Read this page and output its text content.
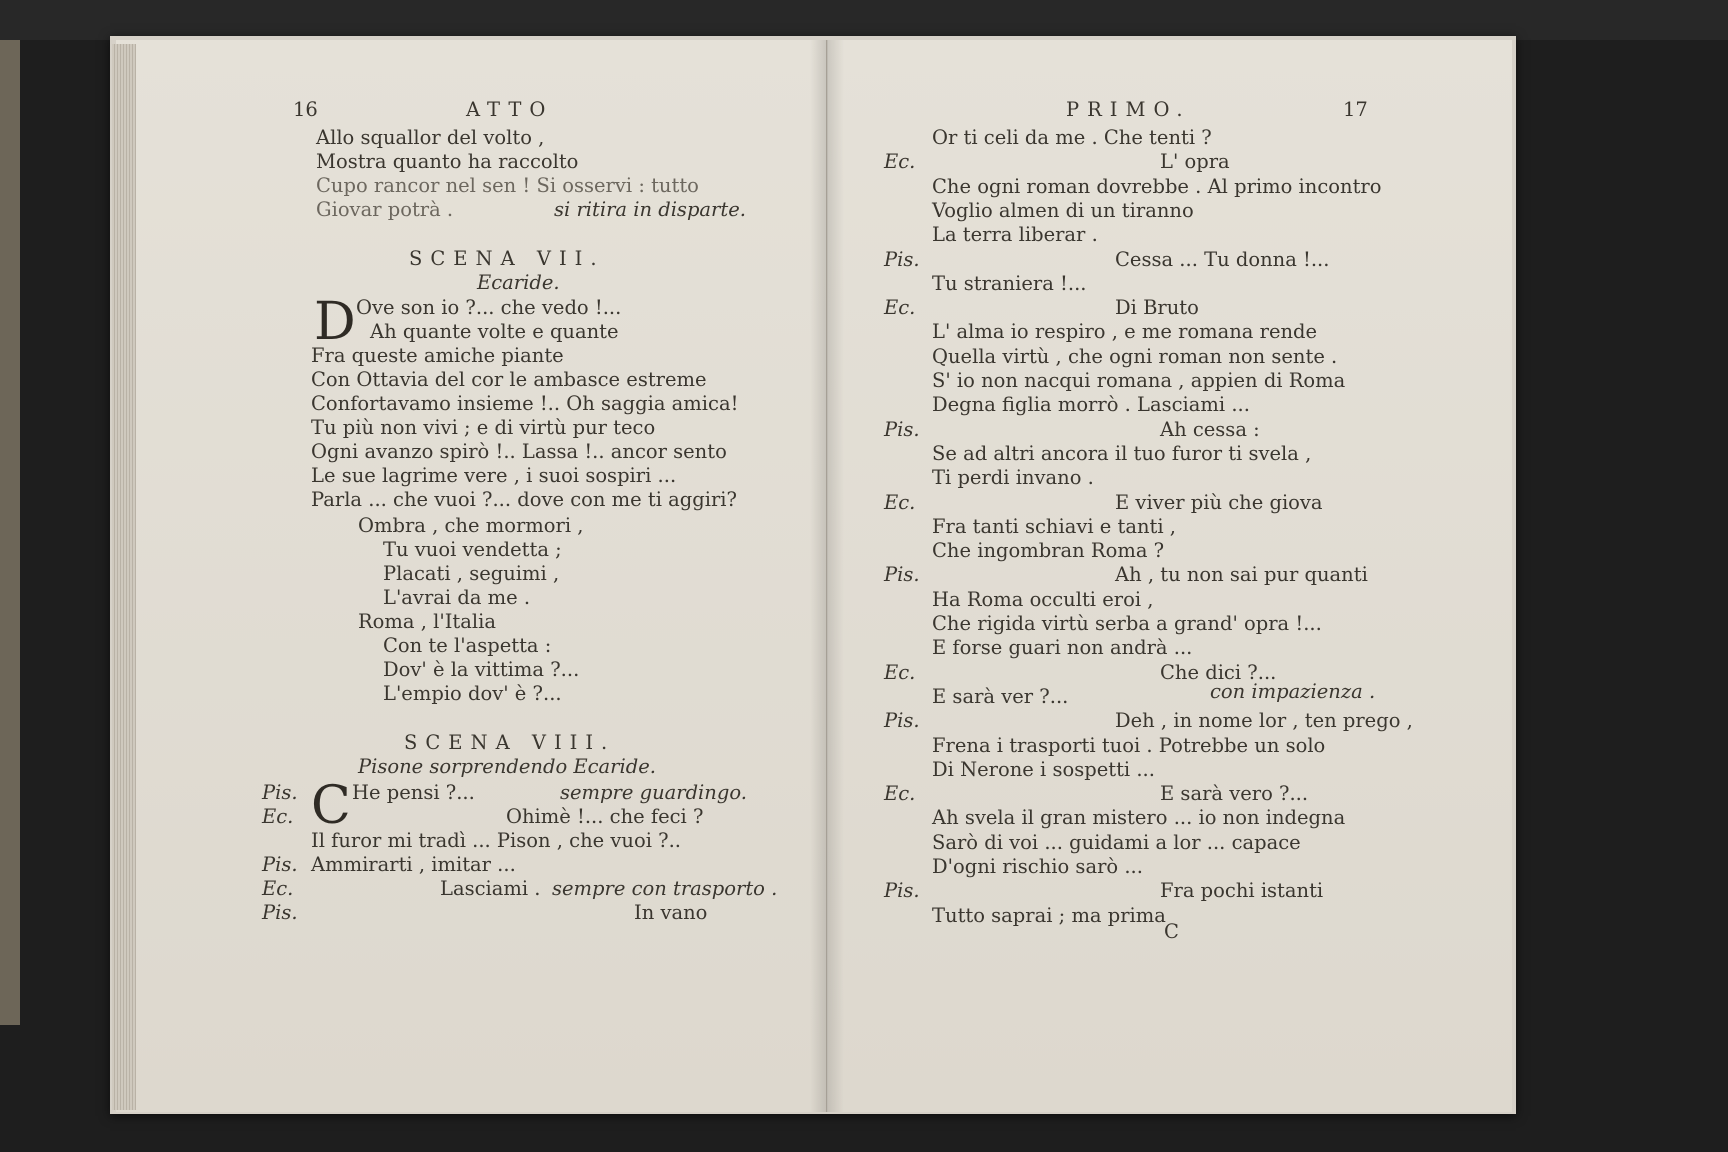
16	ATTO
Allo squallor del volto ,
Mostra quanto ha raccolto
Cupo rancor nel sen ! Si osservi : tutto
Giovar potrà .	si ritira in disparte.
SCENA VII.
Ecaride.
D Ove son io ?... che vedo !...
Ah quante volte e quante
Fra queste amiche piante
Con Ottavia del cor le ambasce estreme
Confortavamo insieme !.. Oh saggia amica!
Tu più non vivi ; e di virtù pur teco
Ogni avanzo spirò !.. Lassa !.. ancor sento
Le sue lagrime vere , i suoi sospiri ...
Parla ... che vuoi ?... dove con me ti aggiri?
Ombra , che mormori ,
Tu vuoi vendetta ;
Placati , seguimi ,
L'avrai da me .
Roma , l'Italia
Con te l'aspetta :
Dov' è la vittima ?...
L'empio dov' è ?...
SCENA VIII.
Pisone sorprendendo Ecaride.
Pis. C He pensi ?...	sempre guardingo.
Ec.	Ohimè !... che feci ?
Il furor mi tradì ... Pison , che vuoi ?..
Pis. Ammirarti , imitar ...
Ec.	Lasciami . sempre con trasporto .
Pis.	In vano
PRIMO.	17
Or ti celi da me . Che tenti ?
Ec.	L' opra
Che ogni roman dovrebbe . Al primo incontro
Voglio almen di un tiranno
La terra liberar .
Pis.	Cessa ... Tu donna !...
Tu straniera !...
Ec.	Di Bruto
L' alma io respiro , e me romana rende
Quella virtù , che ogni roman non sente .
S' io non nacqui romana , appien di Roma
Degna figlia morrò . Lasciami ...
Pis.	Ah cessa :
Se ad altri ancora il tuo furor ti svela ,
Ti perdi invano .
Ec.	E viver più che giova
Fra tanti schiavi e tanti ,
Che ingombran Roma ?
Pis.	Ah , tu non sai pur quanti
Ha Roma occulti eroi ,
Che rigida virtù serba a grand' opra !...
E forse guari non andrà ...
Ec.	Che dici ?...
E sarà ver ?...
Pis.	Deh , in nome lor , ten prego ,
Frena i trasporti tuoi . Potrebbe un solo
Di Nerone i sospetti ...
Ec.	E sarà vero ?...
Ah svela il gran mistero ... io non indegna
Sarò di voi ... guidami a lor ... capace
D'ogni rischio sarò ...
Pis.	Fra pochi istanti
Tutto saprai ; ma prima
con impazienza .
C
